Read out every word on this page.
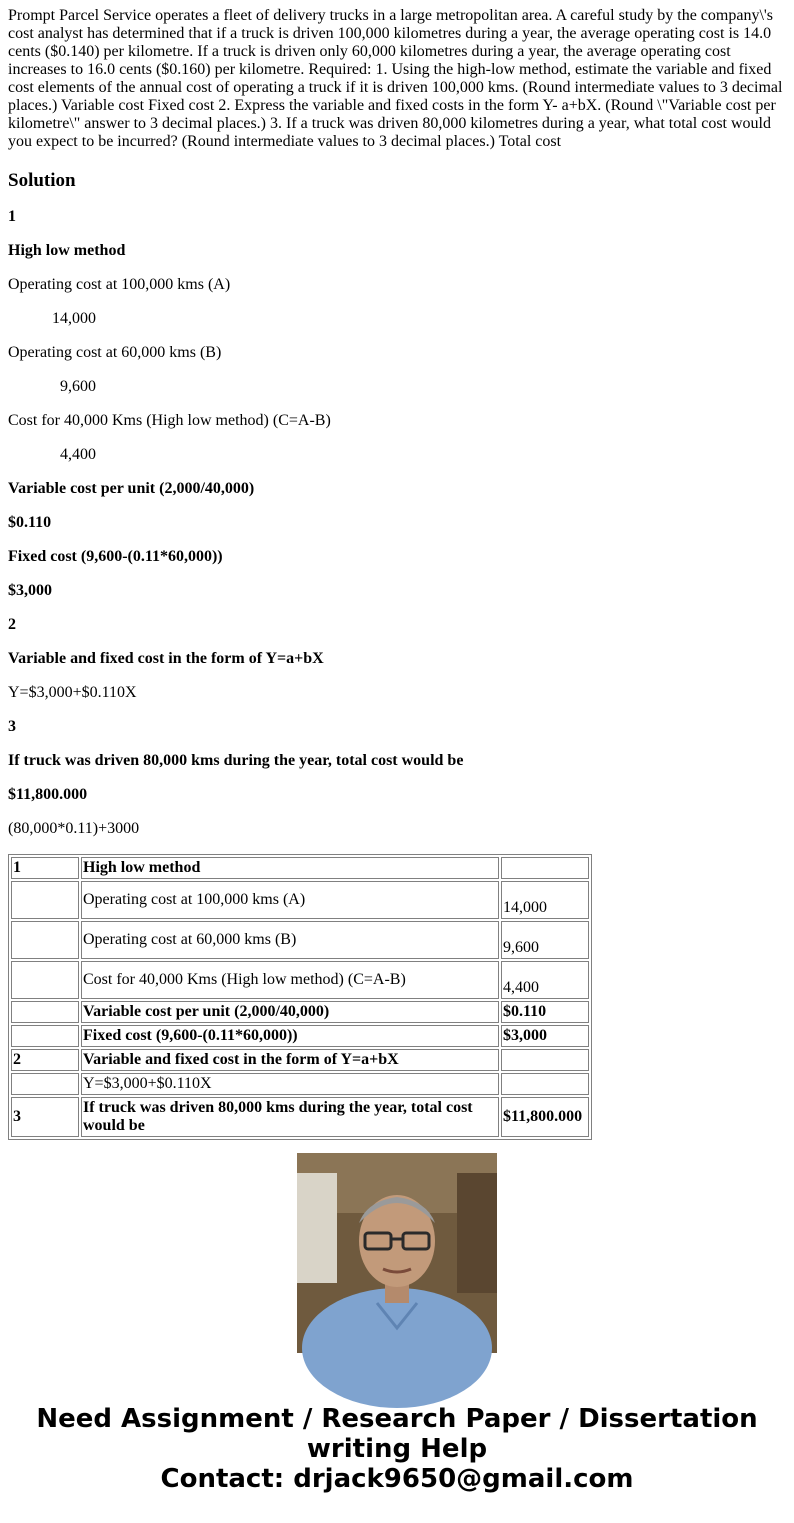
Prompt Parcel Service operates a fleet of delivery trucks in a large metropolitan area. A careful study by the company\'s cost analyst has determined that if a truck is driven 100,000 kilometres during a year, the average operating cost is 14.0 cents ($0.140) per kilometre. If a truck is driven only 60,000 kilometres during a year, the average operating cost increases to 16.0 cents ($0.160) per kilometre. Required: 1. Using the high-low method, estimate the variable and fixed cost elements of the annual cost of operating a truck if it is driven 100,000 kms. (Round intermediate values to 3 decimal places.) Variable cost Fixed cost 2. Express the variable and fixed costs in the form Y- a+bX. (Round \"Variable cost per kilometre\" answer to 3 decimal places.) 3. If a truck was driven 80,000 kilometres during a year, what total cost would you expect to be incurred? (Round intermediate values to 3 decimal places.) Total cost

Solution

1

High low method

Operating cost at 100,000 kms (A)

14,000

Operating cost at 60,000 kms (B)

9,600

Cost for 40,000 Kms (High low method) (C=A-B)

4,400

Variable cost per unit (2,000/40,000)

$0.110

Fixed cost (9,600-(0.11*60,000))

$3,000

2

Variable and fixed cost in the form of Y=a+bX

Y=$3,000+$0.110X

3

If truck was driven 80,000 kms during the year, total cost would be

$11,800.000

(80,000*0.11)+3000

1	High low method	
	Operating cost at 100,000 kms (A)	14,000
	Operating cost at 60,000 kms (B)	9,600
	Cost for 40,000 Kms (High low method) (C=A-B)	4,400
	Variable cost per unit (2,000/40,000)	$0.110
	Fixed cost (9,600-(0.11*60,000))	$3,000
2	Variable and fixed cost in the form of Y=a+bX	
	Y=$3,000+$0.110X	
3	If truck was driven 80,000 kms during the year, total cost would be	$11,800.000
Need Assignment / Research Paper / Dissertation
writing Help
Contact: drjack9650@gmail.com
